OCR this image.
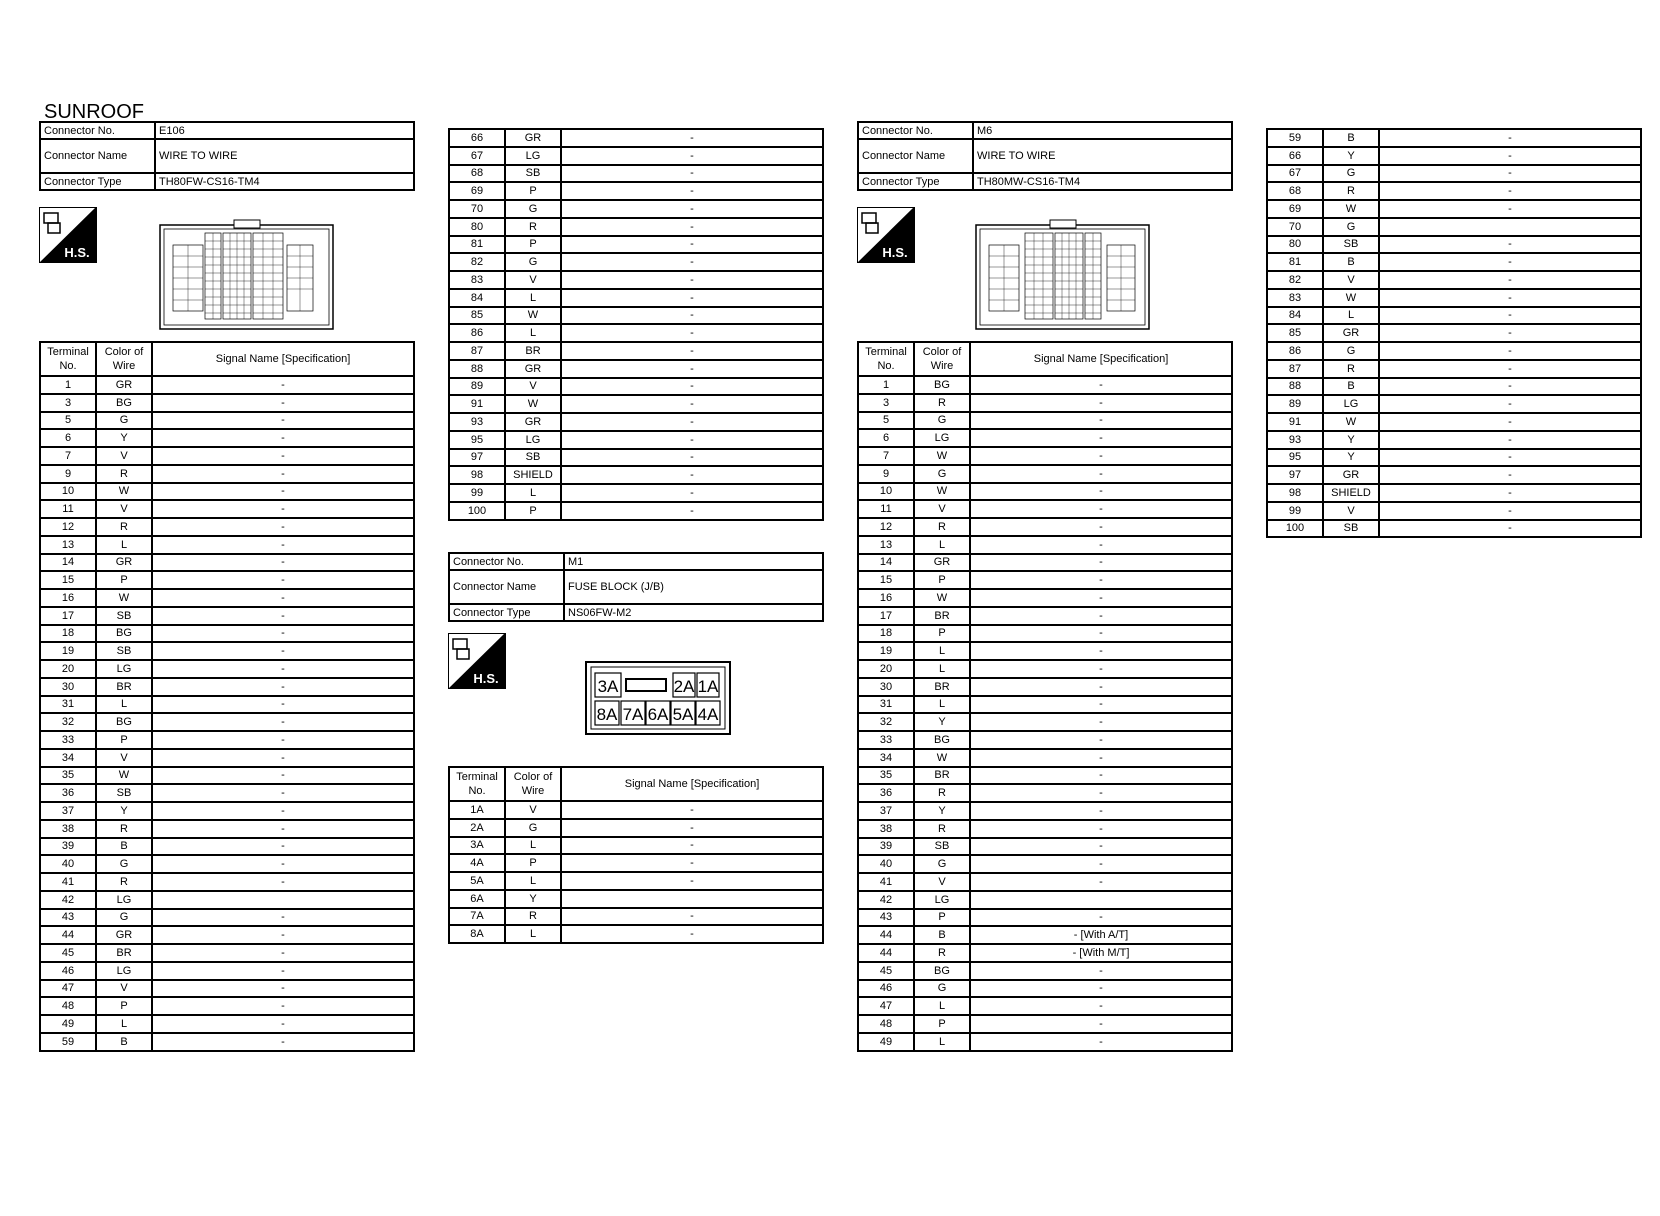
SUNROOF
Connector No.	E106
Connector Name	WIRE TO WIRE
Connector Type	TH80FW-CS16-TM4
H.S.
Terminal No.	Color of Wire	Signal Name [Specification]
1	GR	-
3	BG	-
5	G	-
6	Y	-
7	V	-
9	R	-
10	W	-
11	V	-
12	R	-
13	L	-
14	GR	-
15	P	-
16	W	-
17	SB	-
18	BG	-
19	SB	-
20	LG	-
30	BR	-
31	L	-
32	BG	-
33	P	-
34	V	-
35	W	-
36	SB	-
37	Y	-
38	R	-
39	B	-
40	G	-
41	R	-
42	LG	
43	G	-
44	GR	-
45	BR	-
46	LG	-
47	V	-
48	P	-
49	L	-
59	B	-
66	GR	-
67	LG	-
68	SB	-
69	P	-
70	G	-
80	R	-
81	P	-
82	G	-
83	V	-
84	L	-
85	W	-
86	L	-
87	BR	-
88	GR	-
89	V	-
91	W	-
93	GR	-
95	LG	-
97	SB	-
98	SHIELD	-
99	L	-
100	P	-
Connector No.	M1
Connector Name	FUSE BLOCK (J/B)
Connector Type	NS06FW-M2
H.S.	3A	2A 1A
8A 7A 6A 5A 4A
Terminal No.	Color of Wire	Signal Name [Specification]
1A	V	-
2A	G	-
3A	L	-
4A	P	-
5A	L	-
6A	Y	
7A	R	-
8A	L	-
Connector No.	M6
Connector Name	WIRE TO WIRE
Connector Type	TH80MW-CS16-TM4
H.S.
Terminal No.	Color of Wire	Signal Name [Specification]
1	BG	-
3	R	-
5	G	-
6	LG	-
7	W	-
9	G	-
10	W	-
11	V	-
12	R	-
13	L	-
14	GR	-
15	P	-
16	W	-
17	BR	-
18	P	-
19	L	-
20	L	-
30	BR	-
31	L	-
32	Y	-
33	BG	-
34	W	-
35	BR	-
36	R	-
37	Y	-
38	R	-
39	SB	-
40	G	-
41	V	-
42	LG	
43	P	-
44	B	- [With A/T]
44	R	- [With M/T]
45	BG	-
46	G	-
47	L	-
48	P	-
49	L	-
59	B	-
66	Y	-
67	G	-
68	R	-
69	W	-
70	G	
80	SB	-
81	B	-
82	V	-
83	W	-
84	L	-
85	GR	-
86	G	-
87	R	-
88	B	-
89	LG	-
91	W	-
93	Y	-
95	Y	-
97	GR	-
98	SHIELD	-
99	V	-
100	SB	-
